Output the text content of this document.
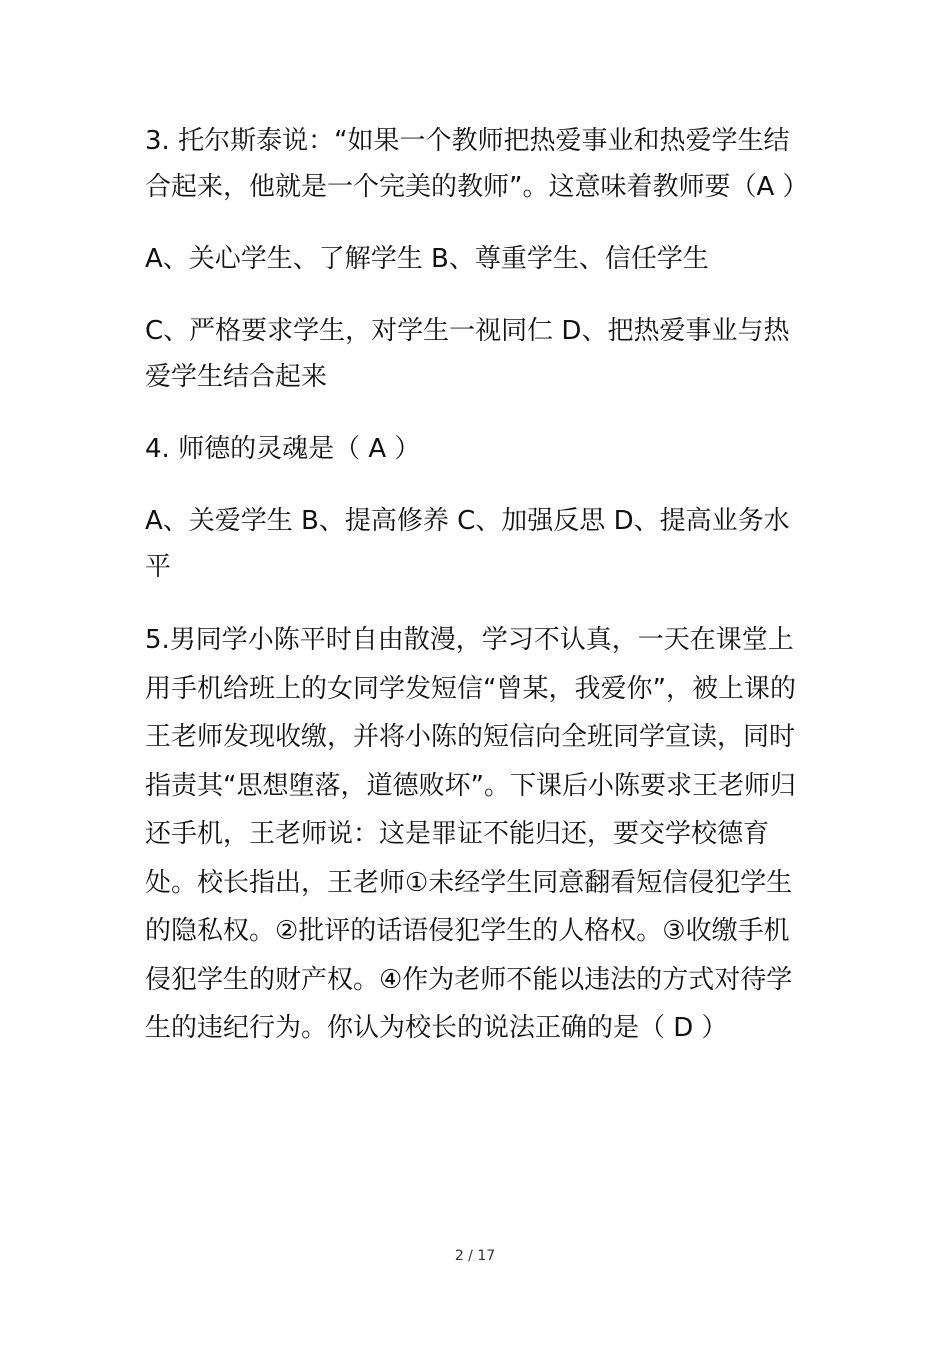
3. 托尔斯泰说：“如果一个教师把热爱事业和热爱学生结合起来，他就是一个完美的教师”。这意味着教师要（A ）

A、关心学生、了解学生 B、尊重学生、信任学生

C、严格要求学生，对学生一视同仁 D、把热爱事业与热爱学生结合起来

4. 师德的灵魂是（ A ）

A、关爱学生 B、提高修养 C、加强反思 D、提高业务水平

5.男同学小陈平时自由散漫，学习不认真，一天在课堂上用手机给班上的女同学发短信“曾某，我爱你”，被上课的王老师发现收缴，并将小陈的短信向全班同学宣读，同时指责其“思想堕落，道德败坏”。下课后小陈要求王老师归还手机，王老师说：这是罪证不能归还，要交学校德育处。校长指出，王老师①未经学生同意翻看短信侵犯学生的隐私权。②批评的话语侵犯学生的人格权。③收缴手机侵犯学生的财产权。④作为老师不能以违法的方式对待学生的违纪行为。你认为校长的说法正确的是（ D ）

2 / 17
